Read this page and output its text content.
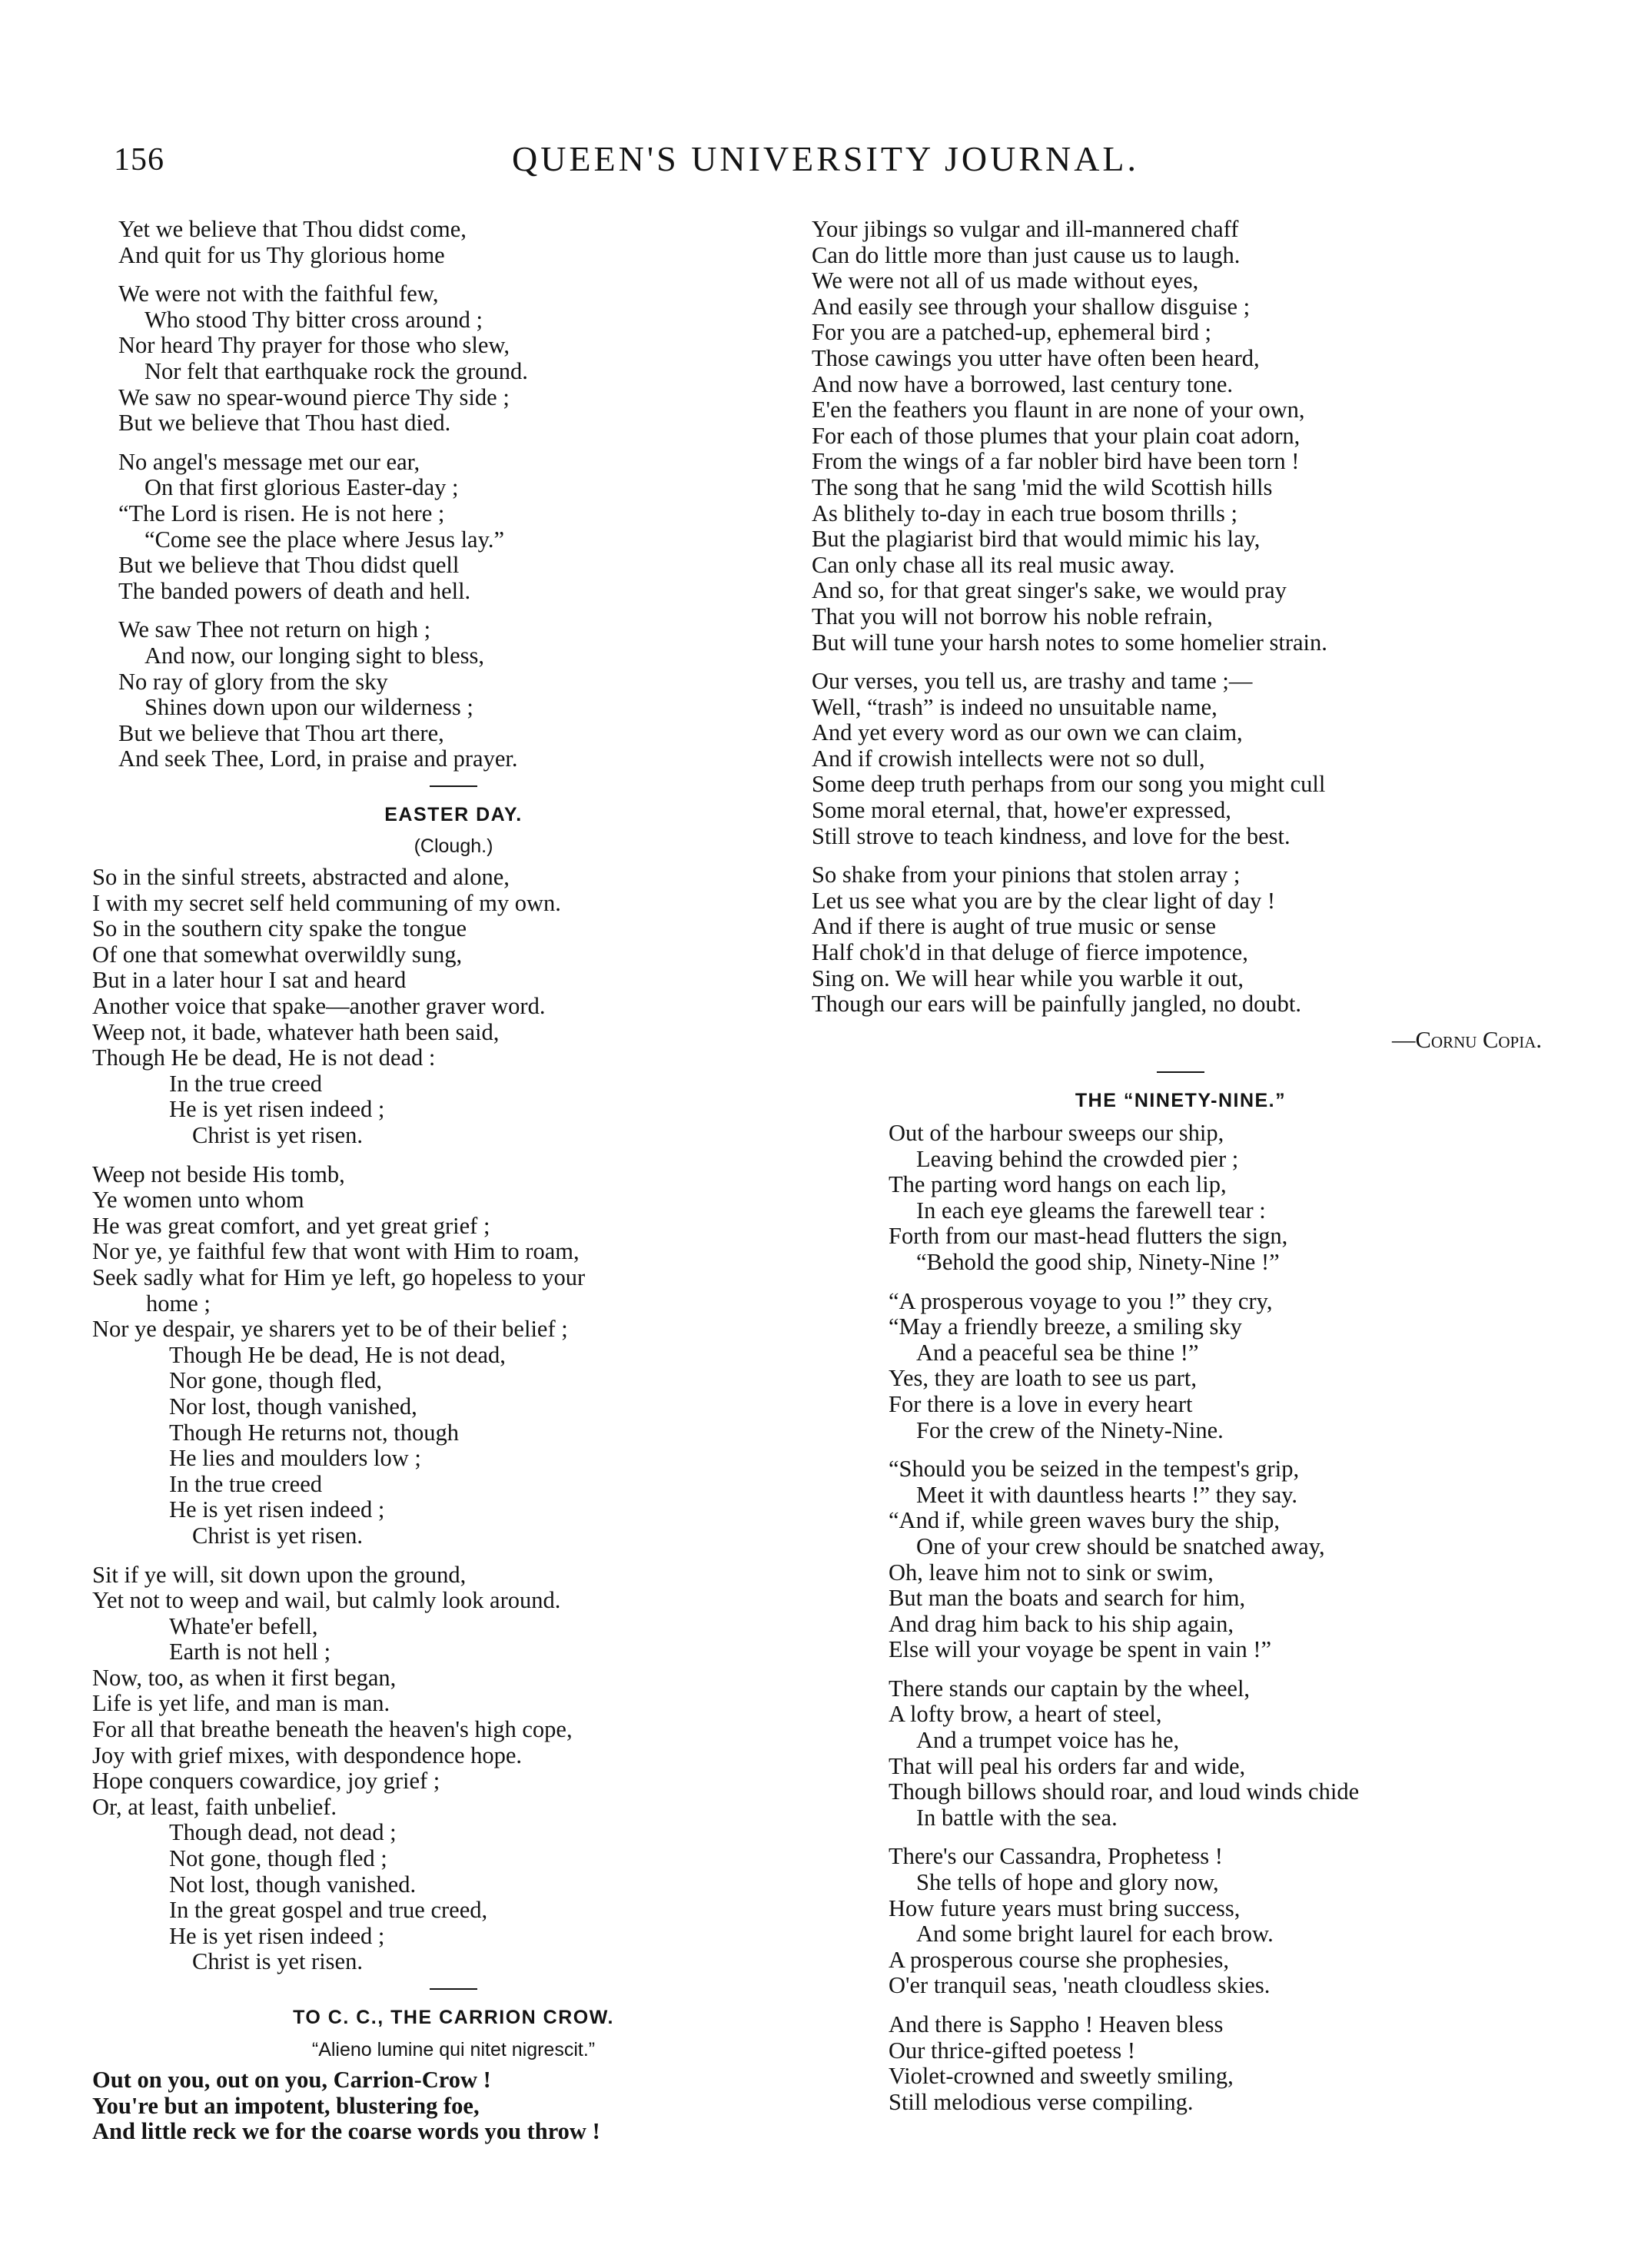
156	QUEEN'S UNIVERSITY JOURNAL.
Yet we believe that Thou didst come,
And quit for us Thy glorious home
We were not with the faithful few,
Who stood Thy bitter cross around ;
Nor heard Thy prayer for those who slew,
Nor felt that earthquake rock the ground.
We saw no spear-wound pierce Thy side ;
But we believe that Thou hast died.
No angel's message met our ear,
On that first glorious Easter-day ;
“The Lord is risen. He is not here ;
“Come see the place where Jesus lay.”
But we believe that Thou didst quell
The banded powers of death and hell.
We saw Thee not return on high ;
And now, our longing sight to bless,
No ray of glory from the sky
Shines down upon our wilderness ;
But we believe that Thou art there,
And seek Thee, Lord, in praise and prayer.
EASTER DAY.
(Clough.)
So in the sinful streets, abstracted and alone,
I with my secret self held communing of my own.
So in the southern city spake the tongue
Of one that somewhat overwildly sung,
But in a later hour I sat and heard
Another voice that spake—another graver word.
Weep not, it bade, whatever hath been said,
Though He be dead, He is not dead :
In the true creed
He is yet risen indeed ;
Christ is yet risen.
Weep not beside His tomb,
Ye women unto whom
He was great comfort, and yet great grief ;
Nor ye, ye faithful few that wont with Him to roam,
Seek sadly what for Him ye left, go hopeless to your
home ;
Nor ye despair, ye sharers yet to be of their belief ;
Though He be dead, He is not dead,
Nor gone, though fled,
Nor lost, though vanished,
Though He returns not, though
He lies and moulders low ;
In the true creed
He is yet risen indeed ;
Christ is yet risen.
Sit if ye will, sit down upon the ground,
Yet not to weep and wail, but calmly look around.
Whate'er befell,
Earth is not hell ;
Now, too, as when it first began,
Life is yet life, and man is man.
For all that breathe beneath the heaven's high cope,
Joy with grief mixes, with despondence hope.
Hope conquers cowardice, joy grief ;
Or, at least, faith unbelief.
Though dead, not dead ;
Not gone, though fled ;
Not lost, though vanished.
In the great gospel and true creed,
He is yet risen indeed ;
Christ is yet risen.
TO C. C., THE CARRION CROW.
“Alieno lumine qui nitet nigrescit.”
Out on you, out on you, Carrion-Crow !
You're but an impotent, blustering foe,
And little reck we for the coarse words you throw !
Your jibings so vulgar and ill-mannered chaff
Can do little more than just cause us to laugh.
We were not all of us made without eyes,
And easily see through your shallow disguise ;
For you are a patched-up, ephemeral bird ;
Those cawings you utter have often been heard,
And now have a borrowed, last century tone.
E'en the feathers you flaunt in are none of your own,
For each of those plumes that your plain coat adorn,
From the wings of a far nobler bird have been torn !
The song that he sang 'mid the wild Scottish hills
As blithely to-day in each true bosom thrills ;
But the plagiarist bird that would mimic his lay,
Can only chase all its real music away.
And so, for that great singer's sake, we would pray
That you will not borrow his noble refrain,
But will tune your harsh notes to some homelier strain.
Our verses, you tell us, are trashy and tame ;—
Well, “trash” is indeed no unsuitable name,
And yet every word as our own we can claim,
And if crowish intellects were not so dull,
Some deep truth perhaps from our song you might cull
Some moral eternal, that, howe'er expressed,
Still strove to teach kindness, and love for the best.
So shake from your pinions that stolen array ;
Let us see what you are by the clear light of day !
And if there is aught of true music or sense
Half chok'd in that deluge of fierce impotence,
Sing on. We will hear while you warble it out,
Though our ears will be painfully jangled, no doubt.
—Cornu Copia.
THE “NINETY-NINE.”
Out of the harbour sweeps our ship,
Leaving behind the crowded pier ;
The parting word hangs on each lip,
In each eye gleams the farewell tear :
Forth from our mast-head flutters the sign,
“Behold the good ship, Ninety-Nine !”
“A prosperous voyage to you !” they cry,
“May a friendly breeze, a smiling sky
And a peaceful sea be thine !”
Yes, they are loath to see us part,
For there is a love in every heart
For the crew of the Ninety-Nine.
“Should you be seized in the tempest's grip,
Meet it with dauntless hearts !” they say.
“And if, while green waves bury the ship,
One of your crew should be snatched away,
Oh, leave him not to sink or swim,
But man the boats and search for him,
And drag him back to his ship again,
Else will your voyage be spent in vain !”
There stands our captain by the wheel,
A lofty brow, a heart of steel,
And a trumpet voice has he,
That will peal his orders far and wide,
Though billows should roar, and loud winds chide
In battle with the sea.
There's our Cassandra, Prophetess !
She tells of hope and glory now,
How future years must bring success,
And some bright laurel for each brow.
A prosperous course she prophesies,
O'er tranquil seas, 'neath cloudless skies.
And there is Sappho ! Heaven bless
Our thrice-gifted poetess !
Violet-crowned and sweetly smiling,
Still melodious verse compiling.
